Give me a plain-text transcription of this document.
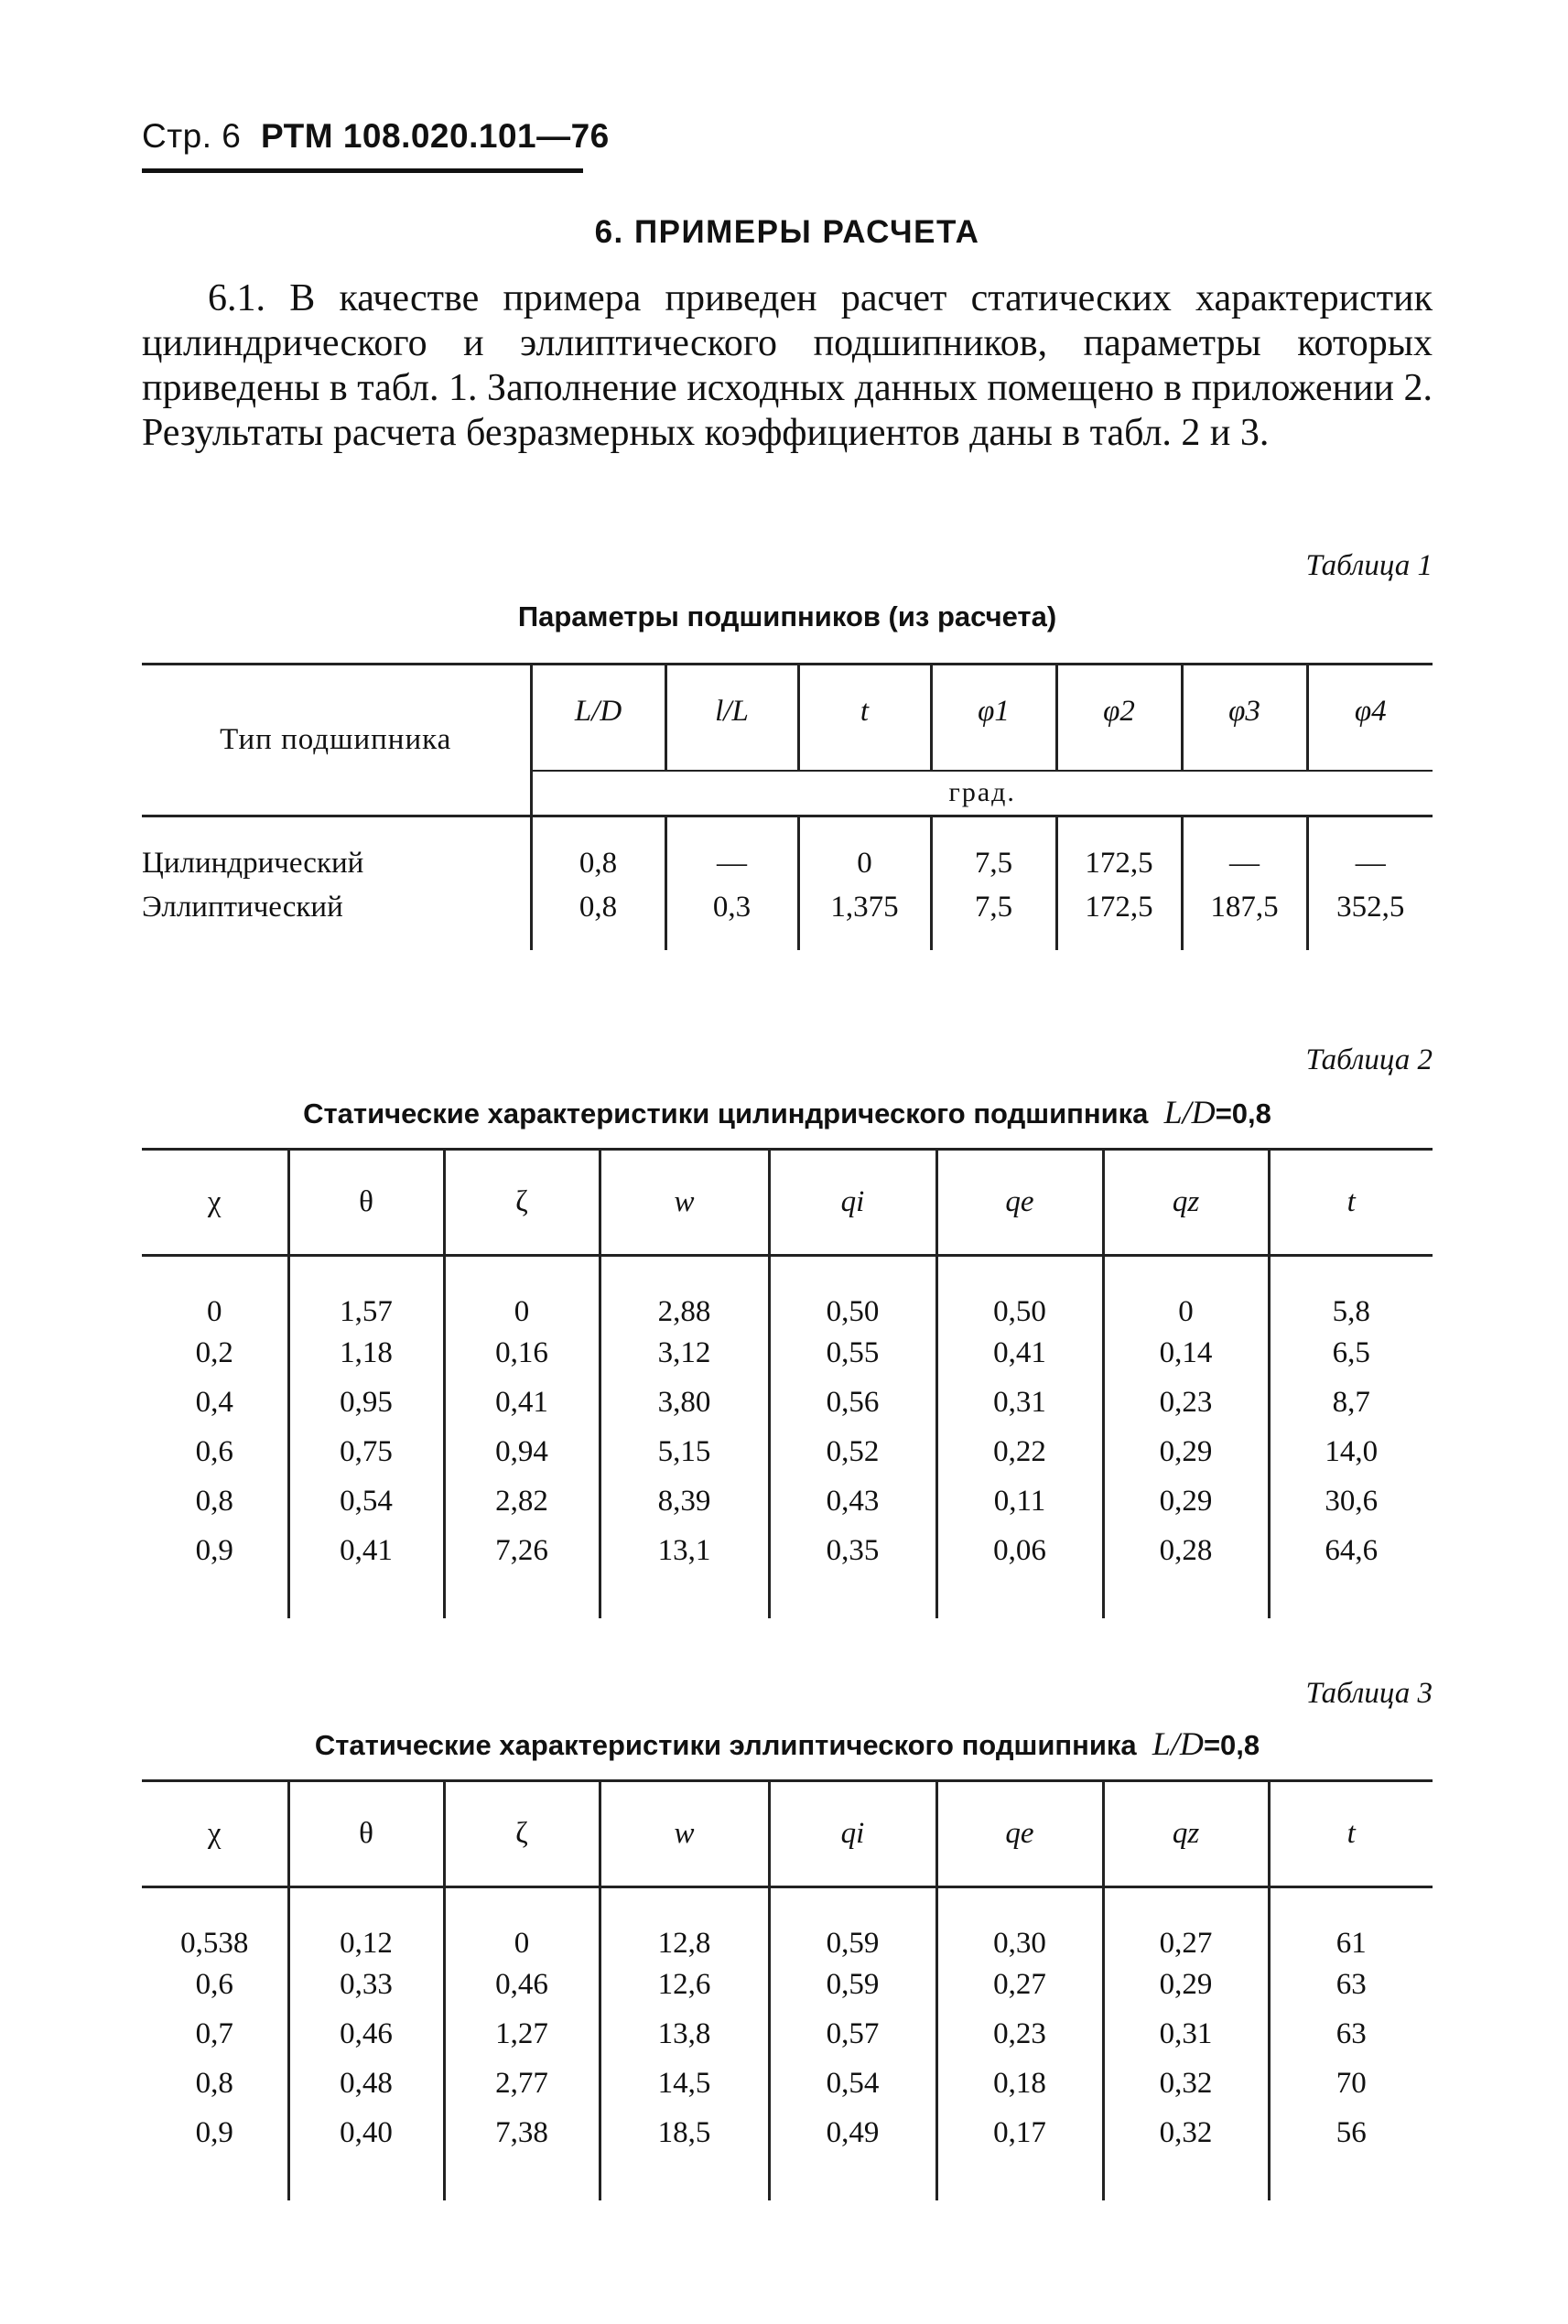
Стр. 6 РТМ 108.020.101—76
6. ПРИМЕРЫ РАСЧЕТА
6.1. В качестве примера приведен расчет статических характеристик цилиндрического и эллиптического подшипников, параметры которых приведены в табл. 1. Заполнение исходных данных помещено в приложении 2. Результаты расчета безразмерных коэффициентов даны в табл. 2 и 3.
Таблица 1
Параметры подшипников (из расчета)
Тип подшипника	L/D	l/L	t	φ1	φ2	φ3	φ4
	град.						
Цилиндрический	0,8	—	0	7,5	172,5	—	—
Эллиптический	0,8	0,3	1,375	7,5	172,5	187,5	352,5

Таблица 2
Статические характеристики цилиндрического подшипника L/D=0,8
χ	θ	ζ	w	qi	qe	qz	t
0	1,57	0	2,88	0,50	0,50	0	5,8
0,2	1,18	0,16	3,12	0,55	0,41	0,14	6,5
0,4	0,95	0,41	3,80	0,56	0,31	0,23	8,7
0,6	0,75	0,94	5,15	0,52	0,22	0,29	14,0
0,8	0,54	2,82	8,39	0,43	0,11	0,29	30,6
0,9	0,41	7,26	13,1	0,35	0,06	0,28	64,6

Таблица 3
Статические характеристики эллиптического подшипника L/D=0,8
χ	θ	ζ	w	qi	qe	qz	t
0,538	0,12	0	12,8	0,59	0,30	0,27	61
0,6	0,33	0,46	12,6	0,59	0,27	0,29	63
0,7	0,46	1,27	13,8	0,57	0,23	0,31	63
0,8	0,48	2,77	14,5	0,54	0,18	0,32	70
0,9	0,40	7,38	18,5	0,49	0,17	0,32	56
